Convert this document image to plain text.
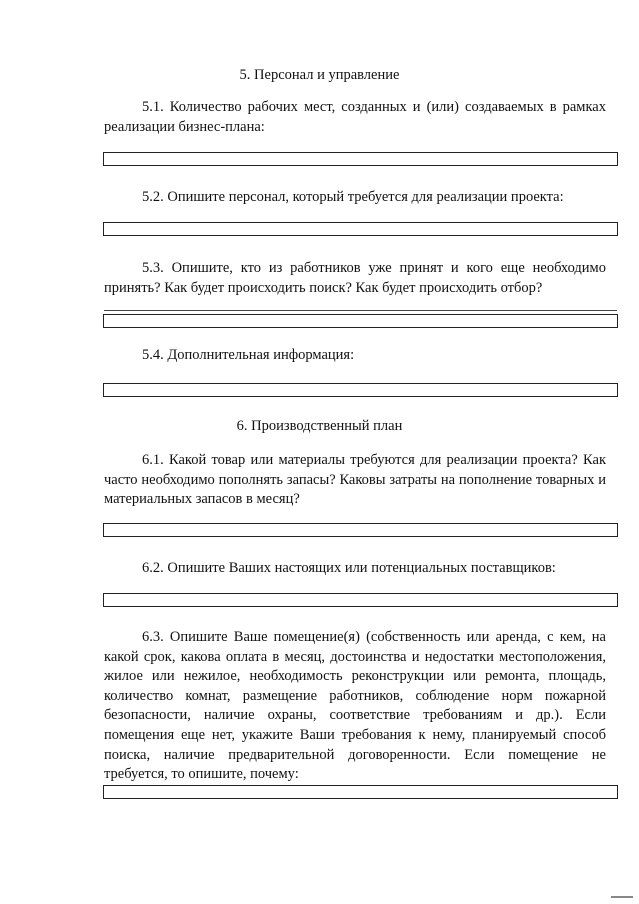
5. Персонал и управление

5.1. Количество рабочих мест, созданных и (или) создаваемых в рамках реализации бизнес-плана:

5.2. Опишите персонал, который требуется для реализации проекта:

5.3. Опишите, кто из работников уже принят и кого еще необходимо принять? Как будет происходить поиск? Как будет происходить отбор?

5.4. Дополнительная информация:

6. Производственный план

6.1. Какой товар или материалы требуются для реализации проекта? Как часто необходимо пополнять запасы? Каковы затраты на пополнение товарных и материальных запасов в месяц?

6.2. Опишите Ваших настоящих или потенциальных поставщиков:

6.3. Опишите Ваше помещение(я) (собственность или аренда, с кем, на какой срок, какова оплата в месяц, достоинства и недостатки местоположения, жилое или нежилое, необходимость реконструкции или ремонта, площадь, количество комнат, размещение работников, соблюдение норм пожарной безопасности, наличие охраны, соответствие требованиям и др.). Если помещения еще нет, укажите Ваши требования к нему, планируемый способ поиска, наличие предварительной договоренности. Если помещение не требуется, то опишите, почему:
